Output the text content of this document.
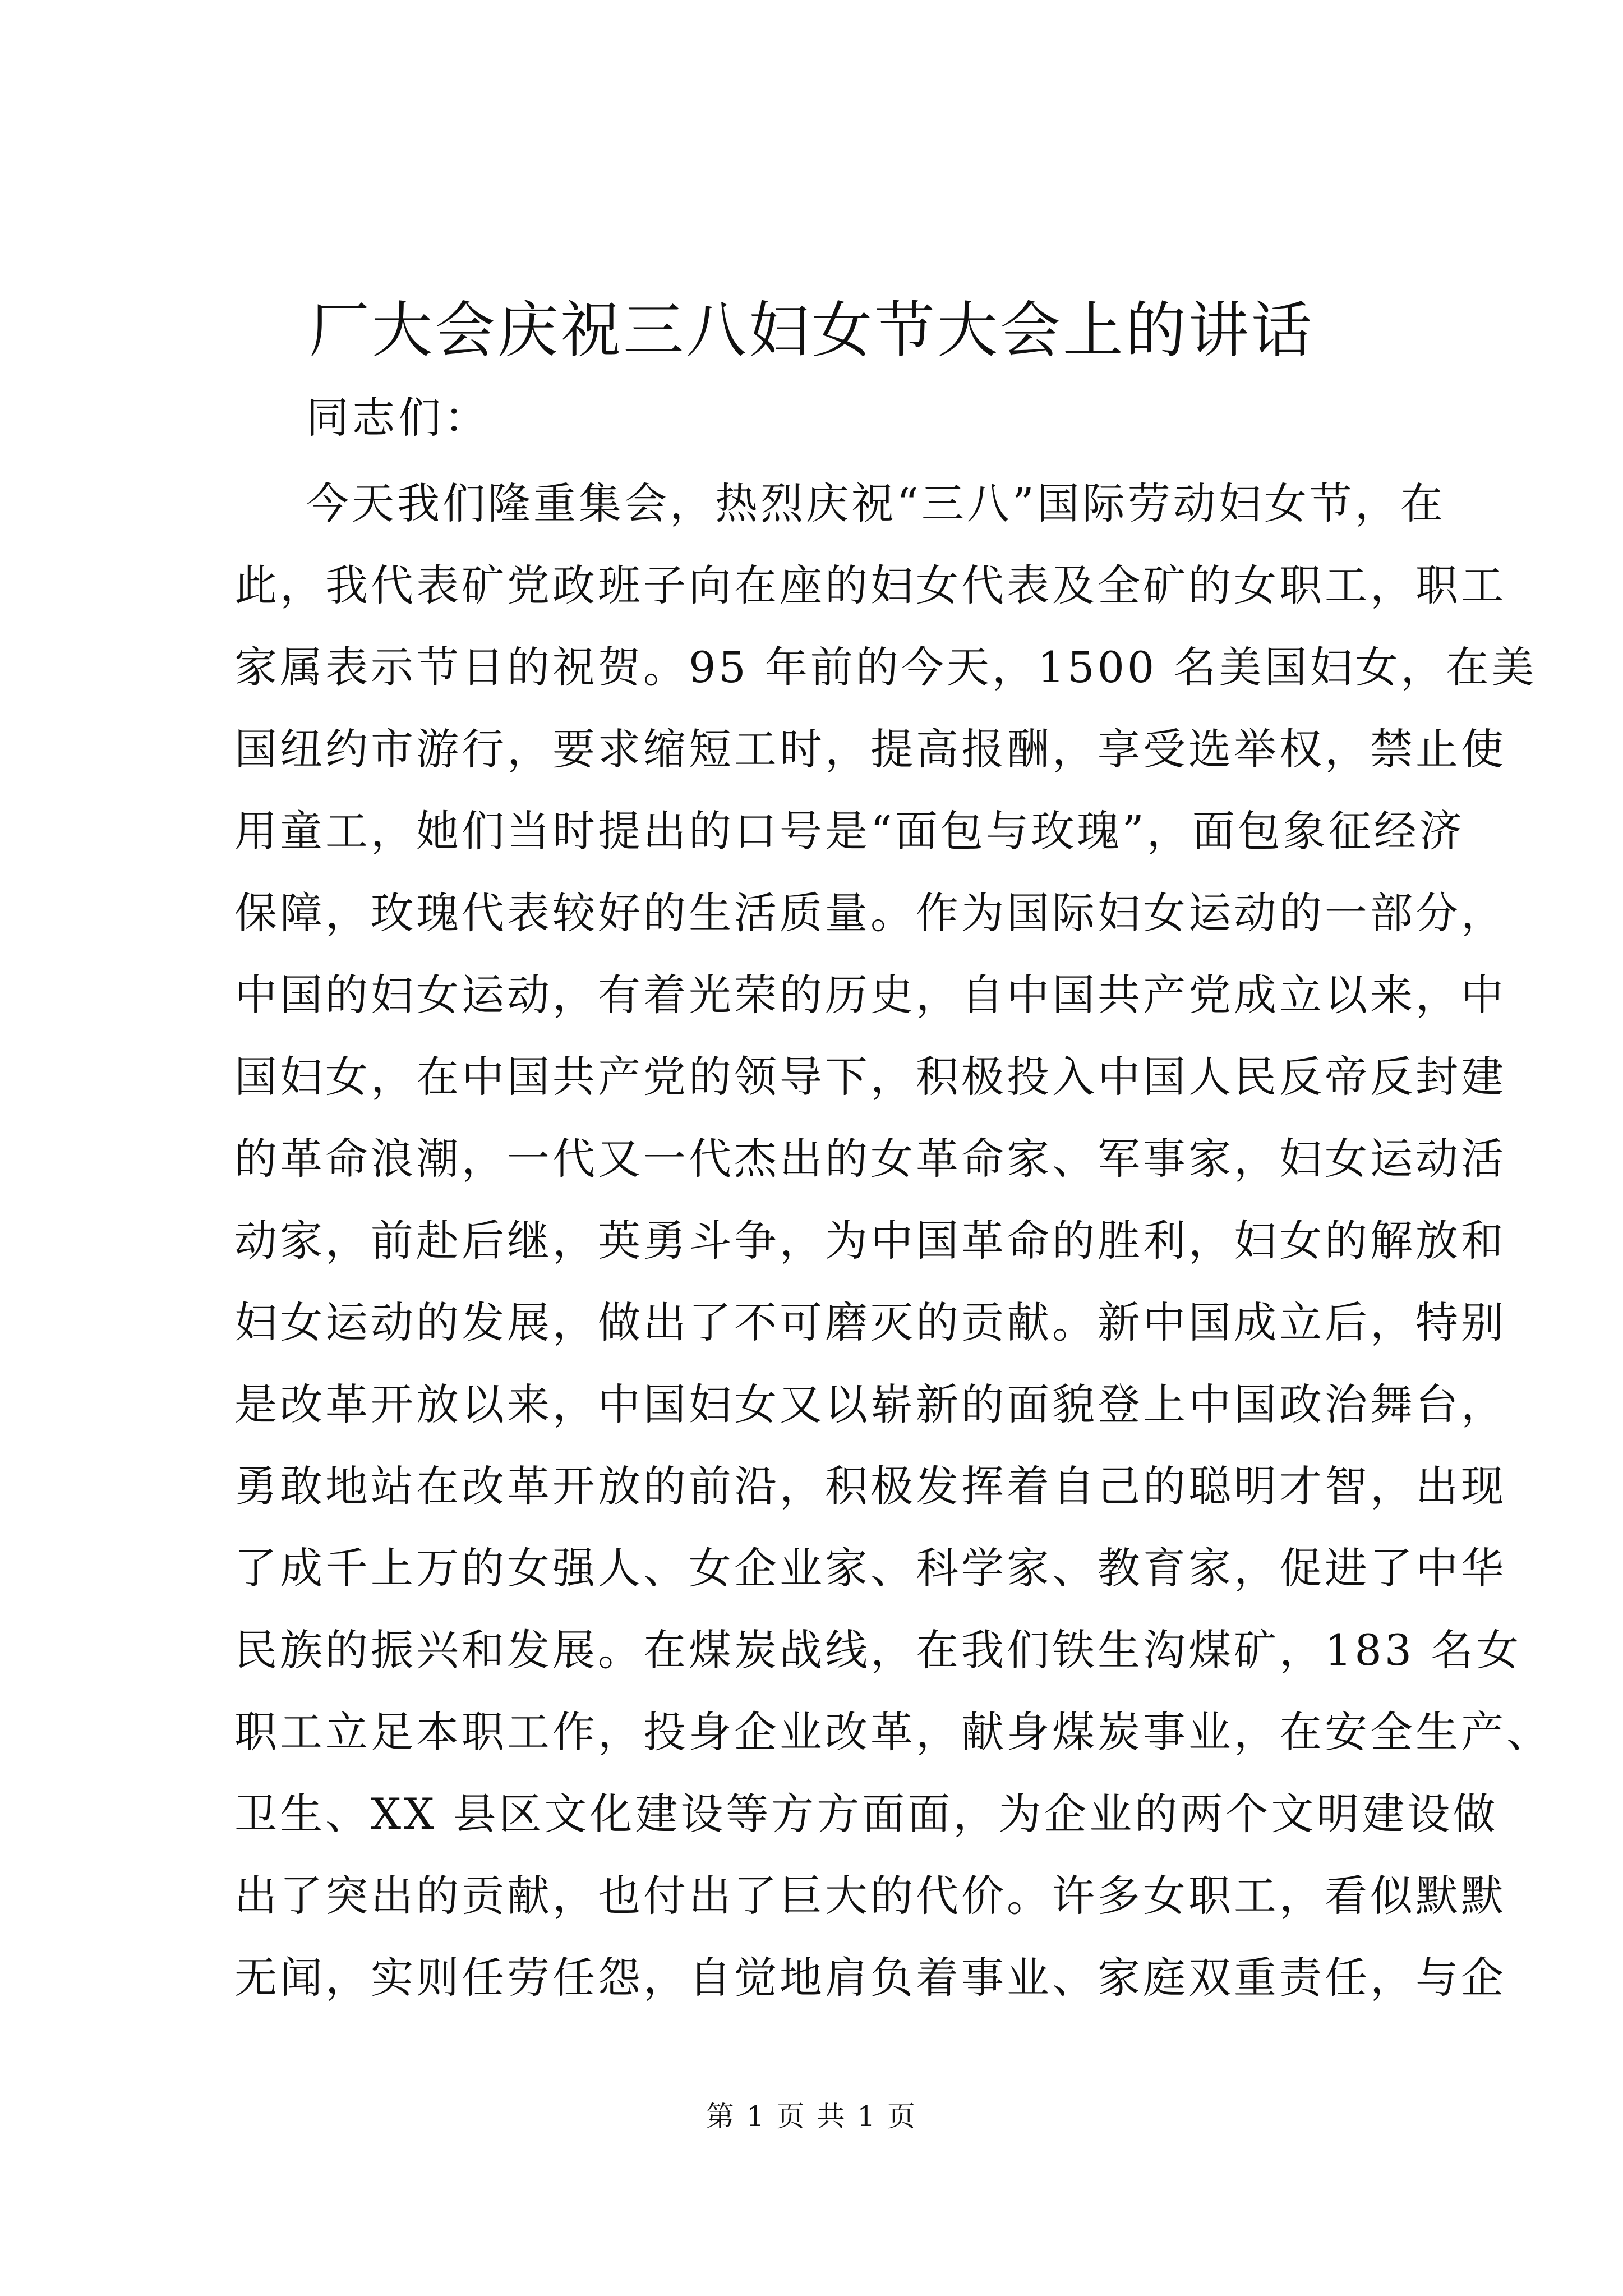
厂大会庆祝三八妇女节大会上的讲话

同志们：

今天我们隆重集会，热烈庆祝“三八”国际劳动妇女节，在
此，我代表矿党政班子向在座的妇女代表及全矿的女职工，职工
家属表示节日的祝贺。95 年前的今天，1500 名美国妇女，在美
国纽约市游行，要求缩短工时，提高报酬，享受选举权，禁止使
用童工，她们当时提出的口号是“面包与玫瑰”，面包象征经济
保障，玫瑰代表较好的生活质量。作为国际妇女运动的一部分，
中国的妇女运动，有着光荣的历史，自中国共产党成立以来，中
国妇女，在中国共产党的领导下，积极投入中国人民反帝反封建
的革命浪潮，一代又一代杰出的女革命家、军事家，妇女运动活
动家，前赴后继，英勇斗争，为中国革命的胜利，妇女的解放和
妇女运动的发展，做出了不可磨灭的贡献。新中国成立后，特别
是改革开放以来，中国妇女又以崭新的面貌登上中国政治舞台，
勇敢地站在改革开放的前沿，积极发挥着自己的聪明才智，出现
了成千上万的女强人、女企业家、科学家、教育家，促进了中华
民族的振兴和发展。在煤炭战线，在我们铁生沟煤矿，183 名女
职工立足本职工作，投身企业改革，献身煤炭事业，在安全生产、
卫生、XX 县区文化建设等方方面面，为企业的两个文明建设做
出了突出的贡献，也付出了巨大的代价。许多女职工，看似默默
无闻，实则任劳任怨，自觉地肩负着事业、家庭双重责任，与企
第 1 页 共 1 页
